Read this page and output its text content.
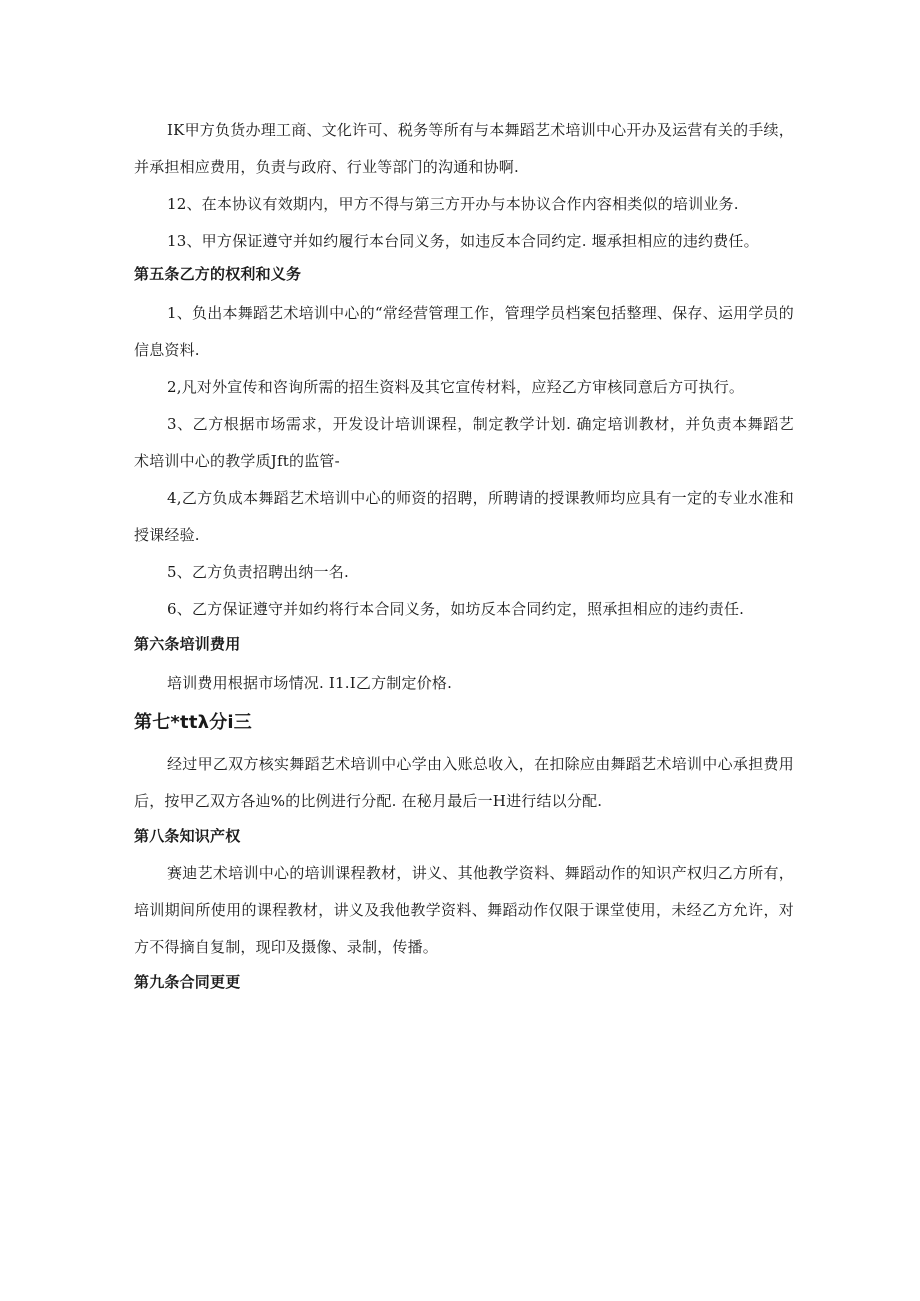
IK甲方负货办理工商、文化许可、税务等所有与本舞蹈艺术培训中心开办及运营有关的手续，并承担相应费用，负责与政府、行业等部门的沟通和协啊.

12、在本协议有效期内，甲方不得与第三方开办与本协议合作内容相类似的培训业务.

13、甲方保证遵守并如约履行本台同义务，如违反本合同约定. 堰承担相应的违约费任。

第五条乙方的权利和义务

1、负出本舞蹈艺术培训中心的“常经营管理工作，管理学员档案包括整理、保存、运用学员的信息资料.

2,凡对外宣传和咨询所需的招生资料及其它宣传材料，应羟乙方审核同意后方可执行。

3、乙方根据市场需求，开发设计培训课程，制定教学计划. 确定培训教材，并负责本舞蹈艺术培训中心的教学质Jft的监管-

4,乙方负成本舞蹈艺术培训中心的师资的招聘，所聘请的授课教师均应具有一定的专业水准和授课经验.

5、乙方负责招聘出纳一名.

6、乙方保证遵守并如约将行本合同义务，如坊反本合同约定，照承担相应的违约责任.

第六条培训费用

培训费用根据市场情况. I1.I乙方制定价格.

第七*ttλ分i三

经过甲乙双方核实舞蹈艺术培训中心学由入账总收入，在扣除应由舞蹈艺术培训中心承担费用后，按甲乙双方各辿%的比例进行分配. 在秘月最后一H进行结以分配.

第八条知识产权

赛迪艺术培训中心的培训课程教材，讲义、其他教学资料、舞蹈动作的知识产权归乙方所有，培训期间所使用的课程教材，讲义及我他教学资料、舞蹈动作仅限于课堂使用，未经乙方允许，对方不得摘自复制，现印及摄像、录制，传播。

第九条合同更更
